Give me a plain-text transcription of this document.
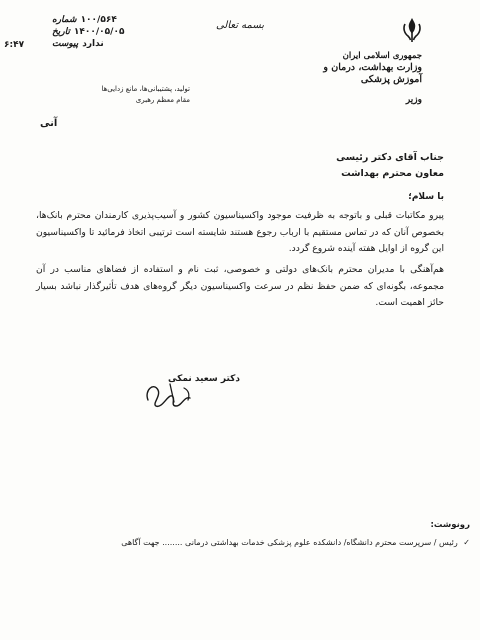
بسمه تعالی
جمهوری اسلامی ایران
وزارت بهداشت، درمان و آموزش پزشکی
وزیر
شماره ۱۰۰/۵۶۴
تاریخ ۱۴۰۰/۰۵/۰۵
پیوست ندارد
۶:۴۷
تولید، پشتیبانی‌ها، مانع زدایی‌ها
مقام معظم رهبری
آنی
جناب آقای دکتر رئیسی
معاون محترم بهداشت
با سلام؛
پیرو مکاتبات قبلی و باتوجه به ظرفیت موجود واکسیناسیون کشور و آسیب‌پذیری کارمندان محترم بانک‌ها، بخصوص آنان که در تماس مستقیم با ارباب رجوع هستند شایسته است ترتیبی اتخاذ فرمائید تا واکسیناسیون این گروه از اوایل هفته آینده شروع گردد.
هم‌آهنگی با مدیران محترم بانک‌های دولتی و خصوصی، ثبت نام و استفاده از فضاهای مناسب در آن مجموعه، بگونه‌ای که ضمن حفظ نظم در سرعت واکسیناسیون دیگر گروه‌های هدف تأثیرگذار نباشد بسیار حائز اهمیت است.
دکتر سعید نمکی
رونوشت:
✓ رئیس / سرپرست محترم دانشگاه/ دانشکده علوم پزشکی خدمات بهداشتی درمانی ........ جهت آگاهی
